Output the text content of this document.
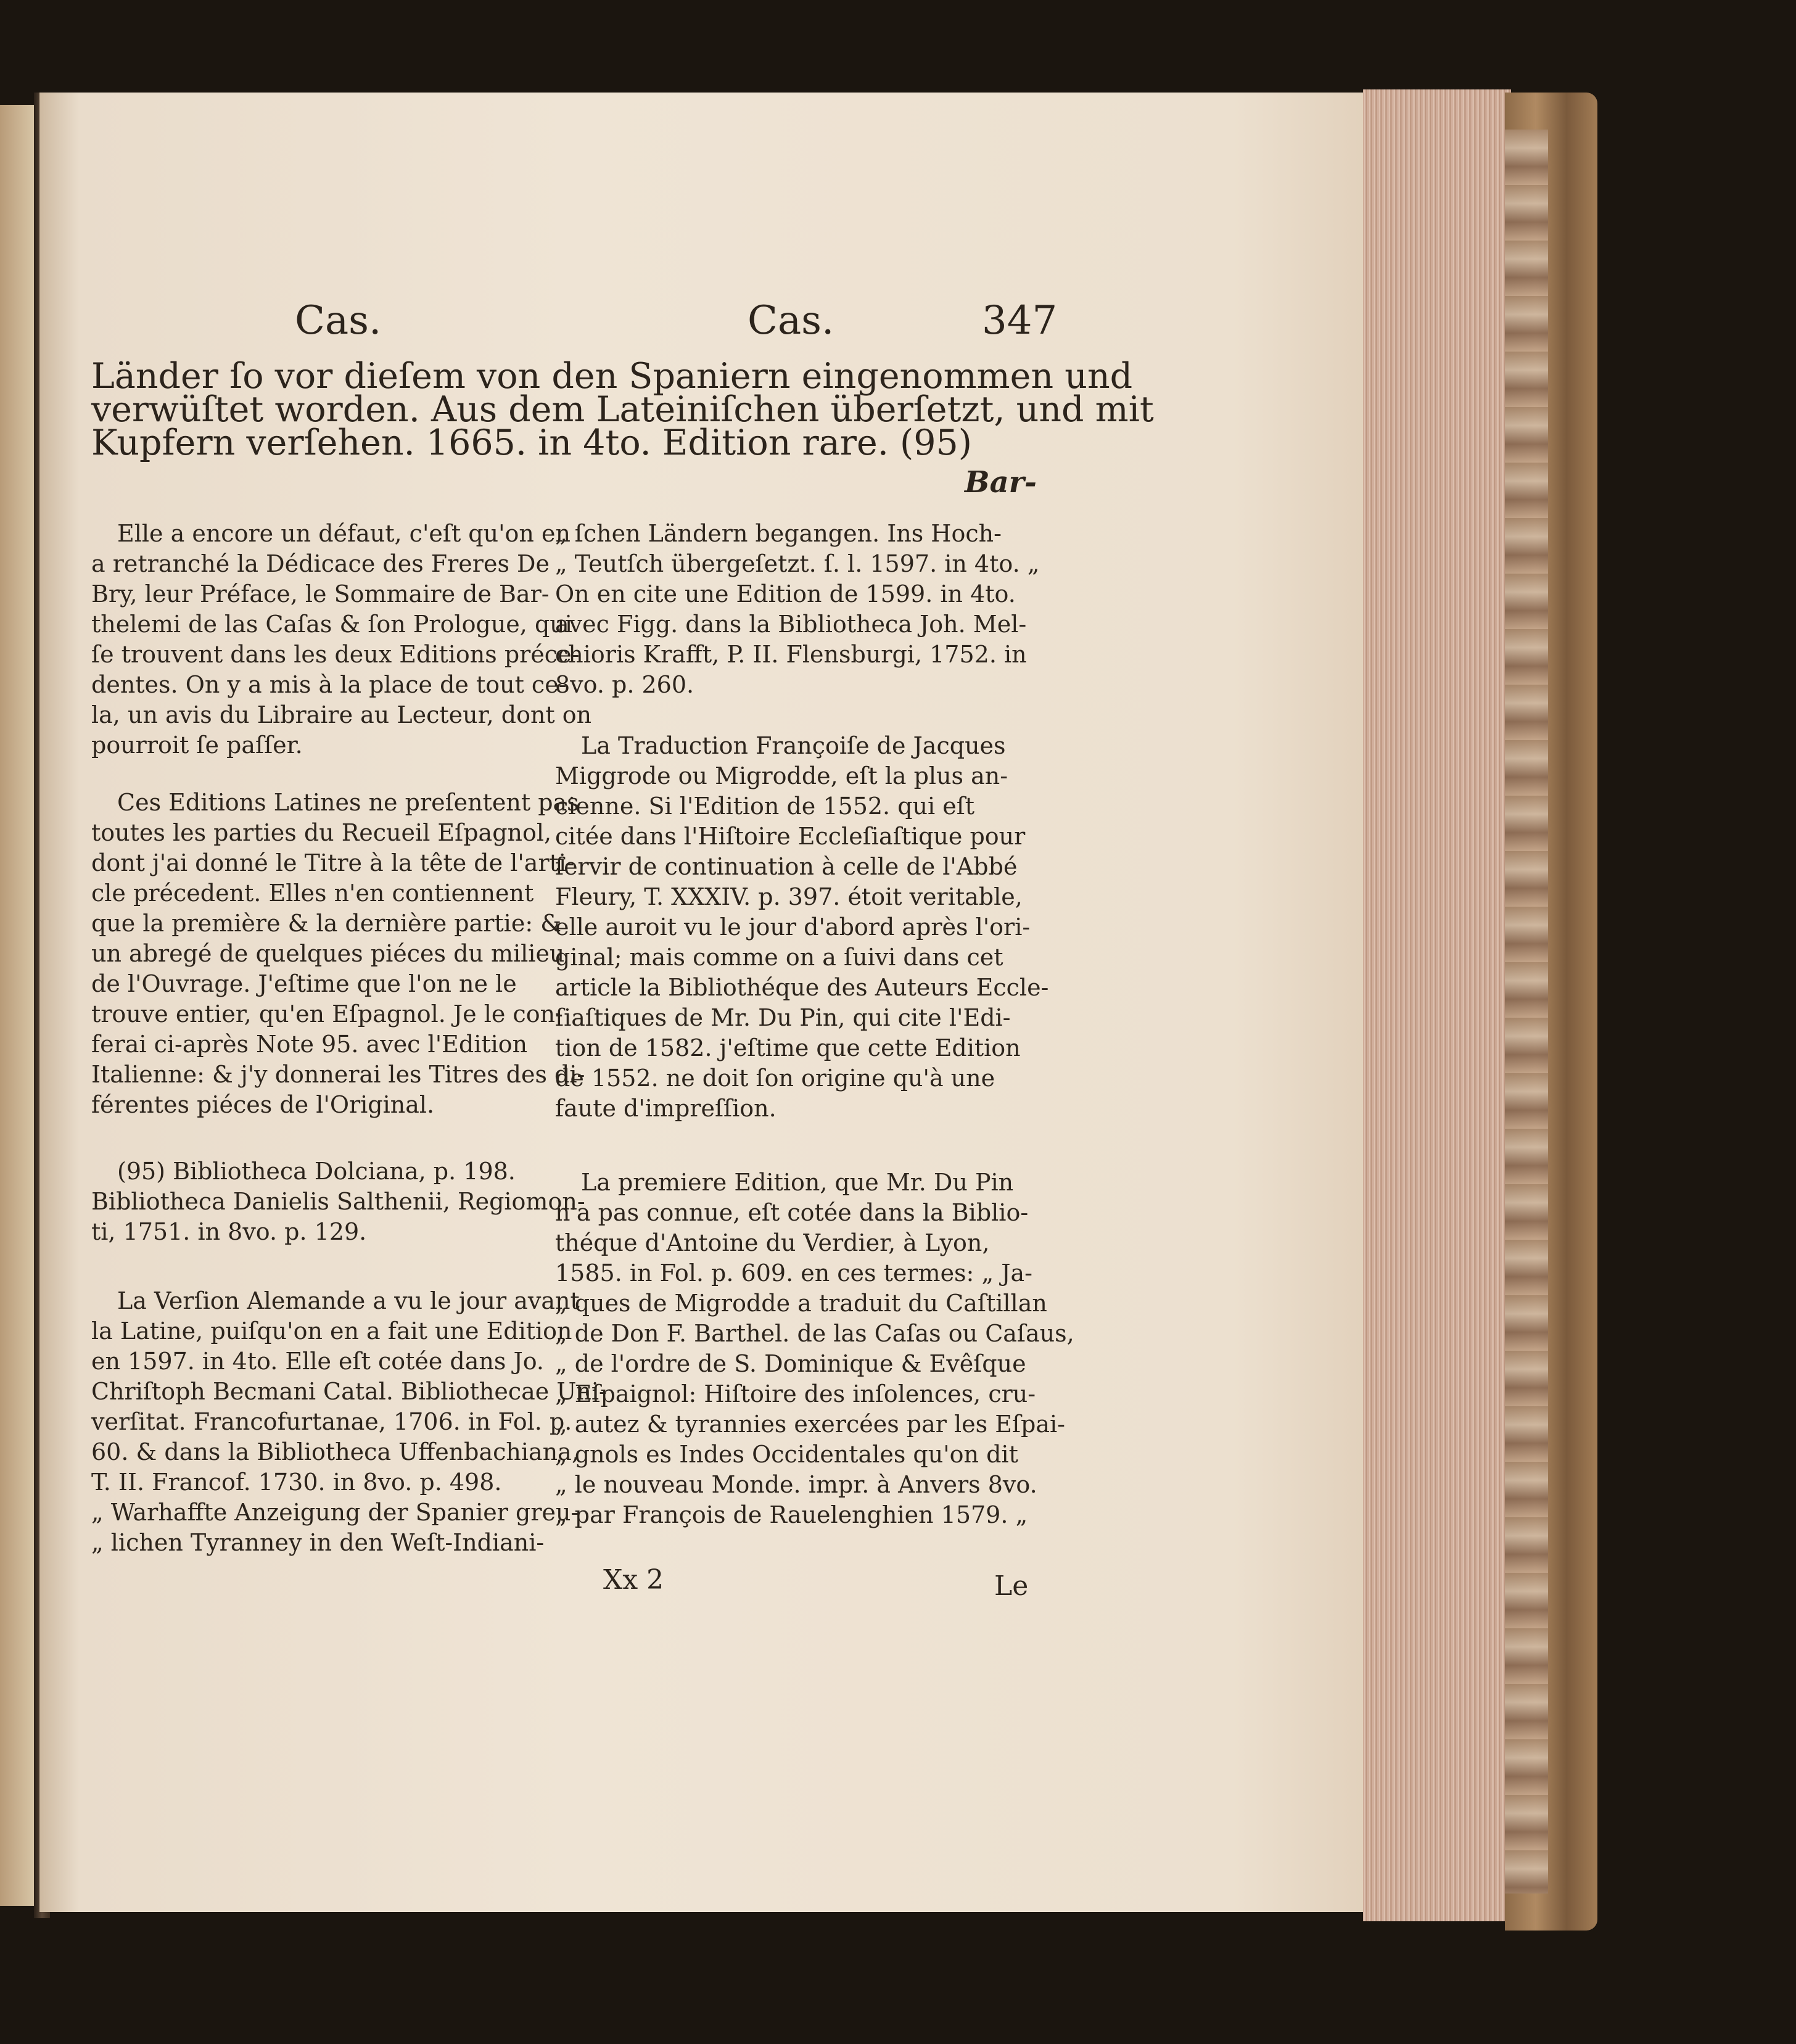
Cas.	Cas.	347
Länder ſo vor dieſem von den Spaniern eingenommen und
verwüſtet worden. Aus dem Lateiniſchen überſetzt, und mit
Kupfern verſehen. 1665. in 4to. Edition rare. (95)
Bar-
Elle a encore un défaut, c'eſt qu'on en
a retranché la Dédicace des Freres De
Bry, leur Préface, le Sommaire de Bar-
thelemi de las Caſas & ſon Prologue, qui
ſe trouvent dans les deux Editions préce-
dentes. On y a mis à la place de tout ce-
la, un avis du Libraire au Lecteur, dont on
pourroit ſe paſſer.
Ces Editions Latines ne preſentent pas
toutes les parties du Recueil Eſpagnol,
dont j'ai donné le Titre à la tête de l'arti-
cle précedent. Elles n'en contiennent
que la première & la dernière partie: &
un abregé de quelques piéces du milieu
de l'Ouvrage. J'eſtime que l'on ne le
trouve entier, qu'en Eſpagnol. Je le con-
ferai ci-après Note 95. avec l'Edition
Italienne: & j'y donnerai les Titres des di-
férentes piéces de l'Original.
(95) Bibliotheca Dolciana, p. 198.
Bibliotheca Danielis Salthenii, Regiomon-
ti, 1751. in 8vo. p. 129.
La Verſion Alemande a vu le jour avant
la Latine, puiſqu'on en a fait une Edition
en 1597. in 4to. Elle eſt cotée dans Jo.
Chriſtoph Becmani Catal. Bibliothecae Uni-
verſitat. Francofurtanae, 1706. in Fol. p.
60. & dans la Bibliotheca Uffenbachiana,
T. II. Francof. 1730. in 8vo. p. 498.
„ Warhaffte Anzeigung der Spanier greu-
„ lichen Tyranney in den Weſt-Indiani-
„ ſchen Ländern begangen. Ins Hoch-
„ Teutſch übergeſetzt. ſ. l. 1597. in 4to. „
On en cite une Edition de 1599. in 4to.
avec Figg. dans la Bibliotheca Joh. Mel-
chioris Krafft, P. II. Flensburgi, 1752. in
8vo. p. 260.
La Traduction Françoiſe de Jacques
Miggrode ou Migrodde, eſt la plus an-
cienne. Si l'Edition de 1552. qui eſt
citée dans l'Hiſtoire Eccleſiaſtique pour
ſervir de continuation à celle de l'Abbé
Fleury, T. XXXIV. p. 397. étoit veritable,
elle auroit vu le jour d'abord après l'ori-
ginal; mais comme on a ſuivi dans cet
article la Bibliothéque des Auteurs Eccle-
ſiaſtiques de Mr. Du Pin, qui cite l'Edi-
tion de 1582. j'eſtime que cette Edition
de 1552. ne doit ſon origine qu'à une
faute d'impreſſion.
La premiere Edition, que Mr. Du Pin
n'a pas connue, eſt cotée dans la Biblio-
théque d'Antoine du Verdier, à Lyon,
1585. in Fol. p. 609. en ces termes: „ Ja-
„ ques de Migrodde a traduit du Caſtillan
„ de Don F. Barthel. de las Caſas ou Caſaus,
„ de l'ordre de S. Dominique & Evêſque
„ Eſpaignol: Hiſtoire des inſolences, cru-
„ autez & tyrannies exercées par les Eſpai-
„ gnols es Indes Occidentales qu'on dit
„ le nouveau Monde. impr. à Anvers 8vo.
„ par François de Rauelenghien 1579. „
Xx 2	Le
